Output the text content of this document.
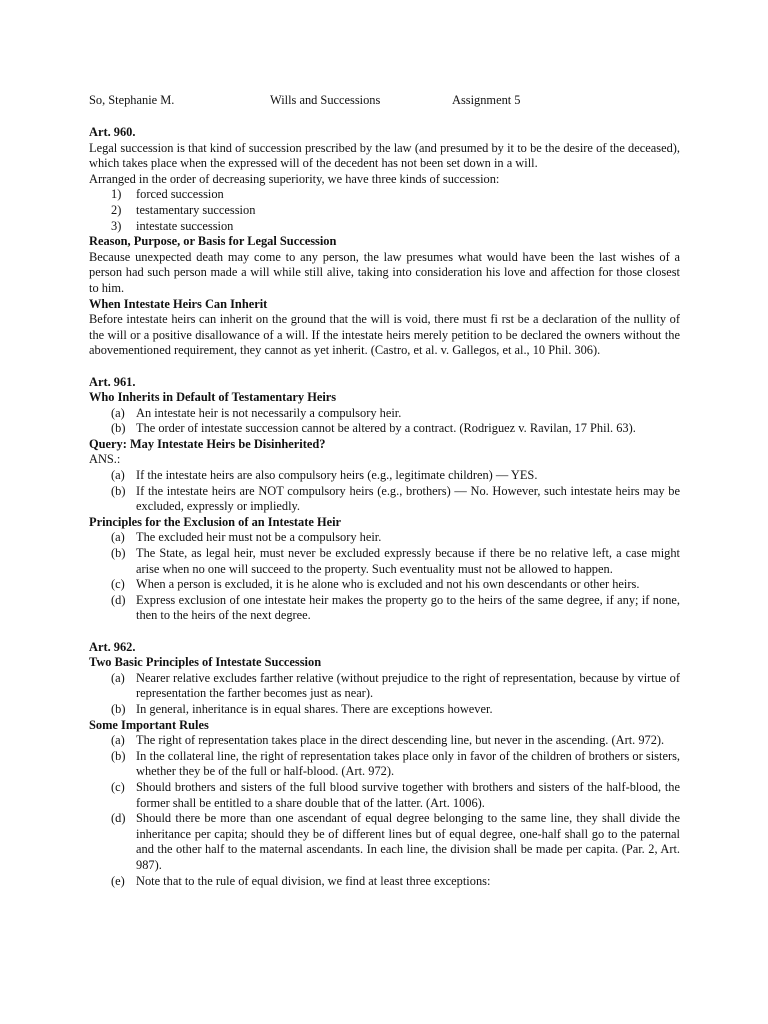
So, Stephanie M.	Wills and Successions	Assignment 5

Art. 960.

Legal succession is that kind of succession prescribed by the law (and presumed by it to be the desire of the deceased), which takes place when the expressed will of the decedent has not been set down in a will.

Arranged in the order of decreasing superiority, we have three kinds of succession:

1) forced succession
2) testamentary succession
3) intestate succession

Reason, Purpose, or Basis for Legal Succession

Because unexpected death may come to any person, the law presumes what would have been the last wishes of a person had such person made a will while still alive, taking into consideration his love and affection for those closest to him.

When Intestate Heirs Can Inherit

Before intestate heirs can inherit on the ground that the will is void, there must fi rst be a declaration of the nullity of the will or a positive disallowance of a will. If the intestate heirs merely petition to be declared the owners without the abovementioned requirement, they cannot as yet inherit. (Castro, et al. v. Gallegos, et al., 10 Phil. 306).

Art. 961.

Who Inherits in Default of Testamentary Heirs

(a) An intestate heir is not necessarily a compulsory heir.
(b) The order of intestate succession cannot be altered by a contract. (Rodriguez v. Ravilan, 17 Phil. 63).

Query: May Intestate Heirs be Disinherited?

ANS.:

(a) If the intestate heirs are also compulsory heirs (e.g., legitimate children) — YES.
(b) If the intestate heirs are NOT compulsory heirs (e.g., brothers) — No. However, such intestate heirs may be excluded, expressly or impliedly.

Principles for the Exclusion of an Intestate Heir

(a) The excluded heir must not be a compulsory heir.
(b) The State, as legal heir, must never be excluded expressly because if there be no relative left, a case might arise when no one will succeed to the property. Such eventuality must not be allowed to happen.
(c) When a person is excluded, it is he alone who is excluded and not his own descendants or other heirs.
(d) Express exclusion of one intestate heir makes the property go to the heirs of the same degree, if any; if none, then to the heirs of the next degree.

Art. 962.

Two Basic Principles of Intestate Succession

(a) Nearer relative excludes farther relative (without prejudice to the right of representation, because by virtue of representation the farther becomes just as near).
(b) In general, inheritance is in equal shares. There are exceptions however.

Some Important Rules

(a) The right of representation takes place in the direct descending line, but never in the ascending. (Art. 972).
(b) In the collateral line, the right of representation takes place only in favor of the children of brothers or sisters, whether they be of the full or half-blood. (Art. 972).
(c) Should brothers and sisters of the full blood survive together with brothers and sisters of the half-blood, the former shall be entitled to a share double that of the latter. (Art. 1006).
(d) Should there be more than one ascendant of equal degree belonging to the same line, they shall divide the inheritance per capita; should they be of different lines but of equal degree, one-half shall go to the paternal and the other half to the maternal ascendants. In each line, the division shall be made per capita. (Par. 2, Art. 987).
(e) Note that to the rule of equal division, we find at least three exceptions:
